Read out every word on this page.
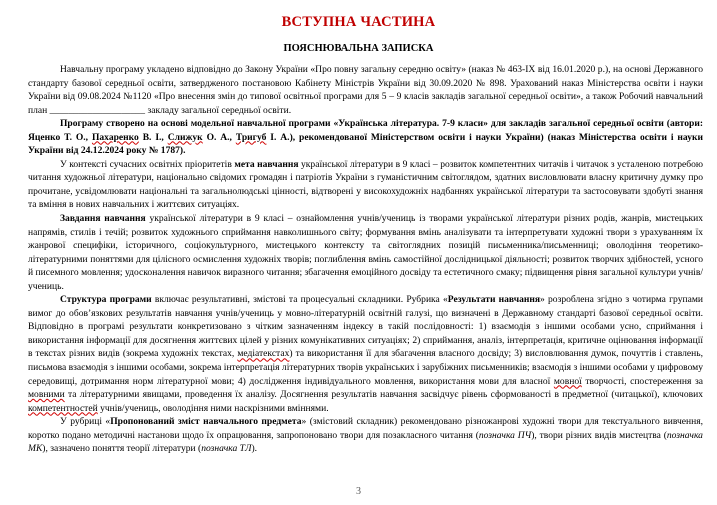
ВСТУПНА ЧАСТИНА
ПОЯСНЮВАЛЬНА ЗАПИСКА

Навчальну програму укладено відповідно до Закону України «Про повну загальну середню освіту» (наказ № 463-IX від 16.01.2020 р.), на основі Державного стандарту базової середньої освіти, затвердженого постановою Кабінету Міністрів України від 30.09.2020 № 898. Урахований наказ Міністерства освіти і науки України від 09.08.2024 №1120 «Про внесення змін до типової освітньої програми для 5 – 9 класів закладів загальної середньої освіти», а також Робочий навчальний план ____________________ закладу загальної середньої освіти.

Програму створено на основі модельної навчальної програми «Українська література. 7-9 класи» для закладів загальної середньої освіти (автори: Яценко Т. О., Пахаренко В. І., Слижук О. А., Тригуб І. А.), рекомендованої Міністерством освіти і науки України) (наказ Міністерства освіти і науки України від 24.12.2024 року № 1787).

У контексті сучасних освітніх пріоритетів мета навчання української літератури в 9 класі – розвиток компетентних читачів і читачок з усталеною потребою читання художньої літератури, національно свідомих громадян і патріотів України з гуманістичним світоглядом, здатних висловлювати власну критичну думку про прочитане, усвідомлювати національні та загальнолюдські цінності, відтворені у високохудожніх надбаннях української літератури та застосовувати здобуті знання та вміння в нових навчальних і життєвих ситуаціях.

Завдання навчання української літератури в 9 класі – ознайомлення учнів/учениць із творами української літератури різних родів, жанрів, мистецьких напрямів, стилів і течій; розвиток художнього сприймання навколишнього світу; формування вмінь аналізувати та інтерпретувати художні твори з урахуванням їх жанрової специфіки, історичного, соціокультурного, мистецького контексту та світоглядних позицій письменника/письменниці; оволодіння теоретико-літературними поняттями для цілісного осмислення художніх творів; поглиблення вмінь самостійної дослідницької діяльності; розвиток творчих здібностей, усного й писемного мовлення; удосконалення навичок виразного читання; збагачення емоційного досвіду та естетичного смаку; підвищення рівня загальної культури учнів/учениць.

Структура програми включає результативні, змістові та процесуальні складники. Рубрика «Результати навчання» розроблена згідно з чотирма групами вимог до обов’язкових результатів навчання учнів/учениць у мовно-літературній освітній галузі, що визначені в Державному стандарті базової середньої освіти. Відповідно в програмі результати конкретизовано з чітким зазначенням індексу в такій послідовності: 1) взаємодія з іншими особами усно, сприймання і використання інформації для досягнення життєвих цілей у різних комунікативних ситуаціях; 2) сприймання, аналіз, інтерпретація, критичне оцінювання інформації в текстах різних видів (зокрема художніх текстах, медіатекстах) та використання її для збагачення власного досвіду; 3) висловлювання думок, почуттів і ставлень, письмова взаємодія з іншими особами, зокрема інтерпретація літературних творів українських і зарубіжних письменників; взаємодія з іншими особами у цифровому середовищі, дотримання норм літературної мови; 4) дослідження індивідуального мовлення, використання мови для власної мовної творчості, спостереження за мовними та літературними явищами, проведення їх аналізу. Досягнення результатів навчання засвідчує рівень сформованості в предметної (читацької), ключових компетентностей учнів/учениць, оволодіння ними наскрізними вміннями.

У рубриці «Пропонований зміст навчального предмета» (змістовий складник) рекомендовано різножанрові художні твори для текстуального вивчення, коротко подано методичні настанови щодо їх опрацювання, запропоновано твори для позакласного читання (позначка ПЧ), твори різних видів мистецтва (позначка МК), зазначено поняття теорії літератури (позначка ТЛ).

3
